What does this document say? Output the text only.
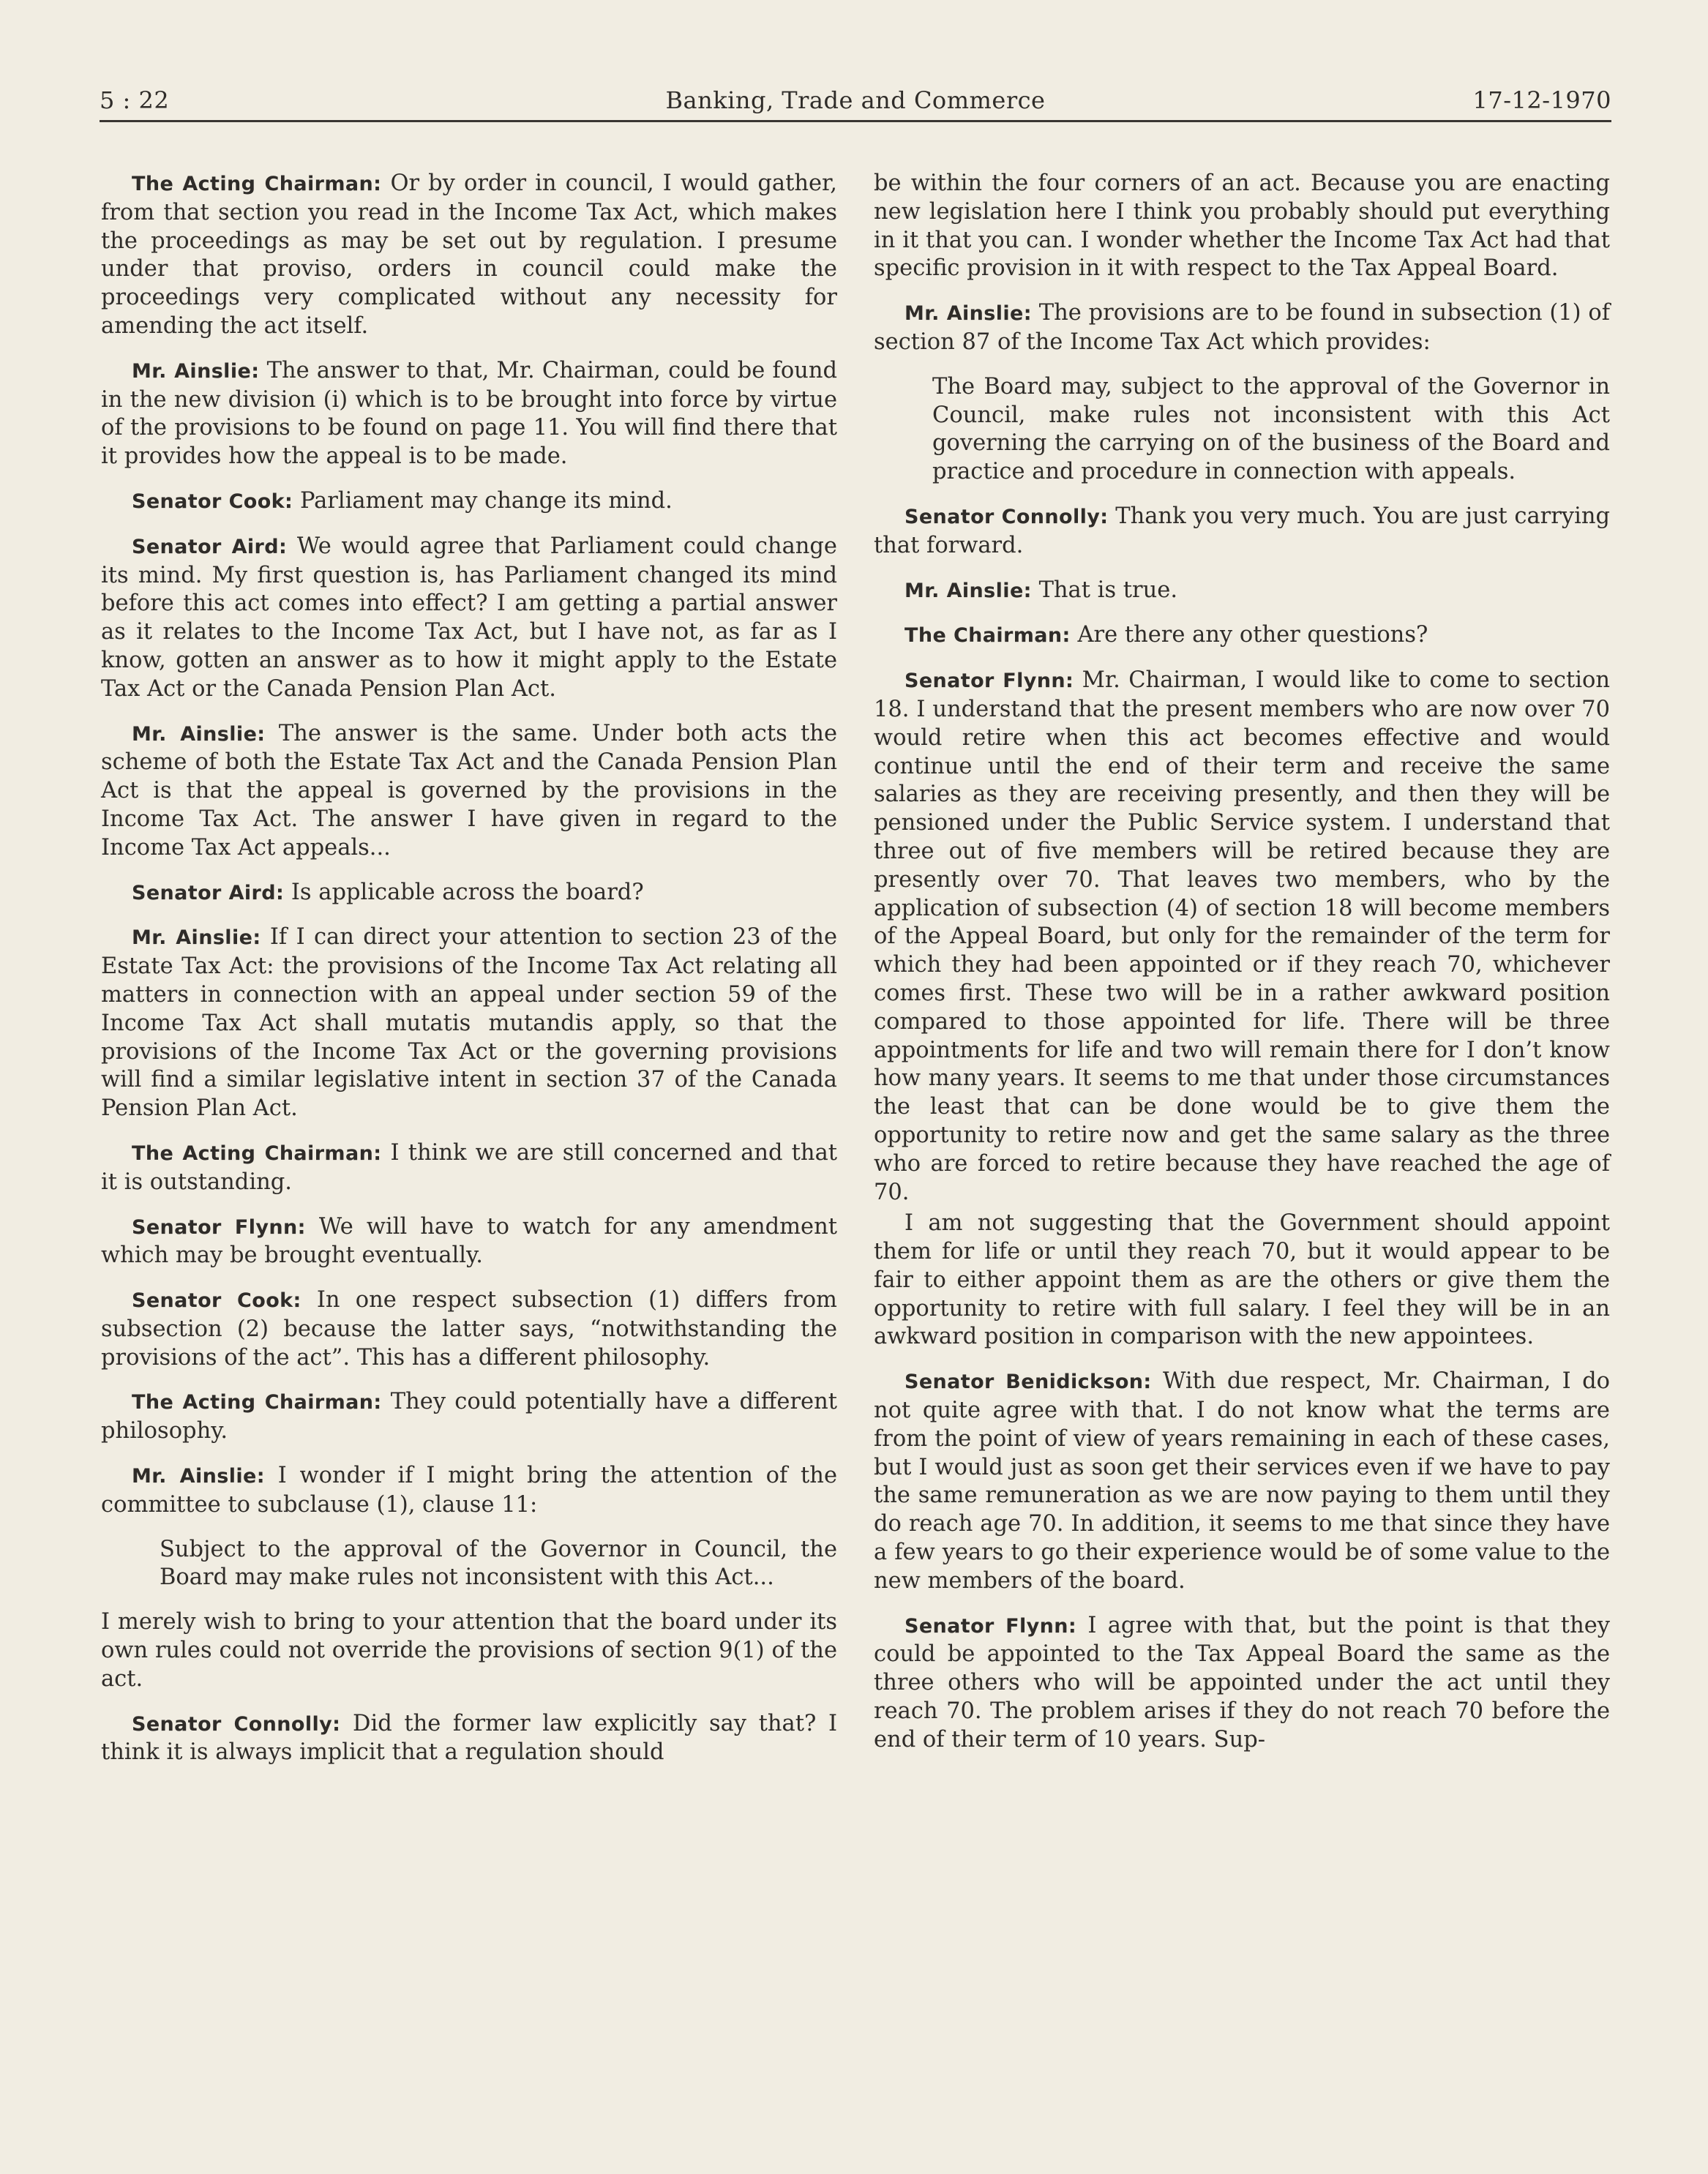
5 : 22	Banking, Trade and Commerce	17-12-1970

The Acting Chairman: Or by order in council, I would gather, from that section you read in the Income Tax Act, which makes the proceedings as may be set out by regulation. I presume under that proviso, orders in council could make the proceedings very complicated without any necessity for amending the act itself.

Mr. Ainslie: The answer to that, Mr. Chairman, could be found in the new division (i) which is to be brought into force by virtue of the provisions to be found on page 11. You will find there that it provides how the appeal is to be made.

Senator Cook: Parliament may change its mind.

Senator Aird: We would agree that Parliament could change its mind. My first question is, has Parliament changed its mind before this act comes into effect? I am getting a partial answer as it relates to the Income Tax Act, but I have not, as far as I know, gotten an answer as to how it might apply to the Estate Tax Act or the Canada Pension Plan Act.

Mr. Ainslie: The answer is the same. Under both acts the scheme of both the Estate Tax Act and the Canada Pension Plan Act is that the appeal is governed by the provisions in the Income Tax Act. The answer I have given in regard to the Income Tax Act appeals...

Senator Aird: Is applicable across the board?

Mr. Ainslie: If I can direct your attention to section 23 of the Estate Tax Act: the provisions of the Income Tax Act relating all matters in connection with an appeal under section 59 of the Income Tax Act shall mutatis mutandis apply, so that the provisions of the Income Tax Act or the governing provisions will find a similar legislative intent in section 37 of the Canada Pension Plan Act.

The Acting Chairman: I think we are still concerned and that it is outstanding.

Senator Flynn: We will have to watch for any amendment which may be brought eventually.

Senator Cook: In one respect subsection (1) differs from subsection (2) because the latter says, “notwithstanding the provisions of the act”. This has a different philosophy.

The Acting Chairman: They could potentially have a different philosophy.

Mr. Ainslie: I wonder if I might bring the attention of the committee to subclause (1), clause 11:

Subject to the approval of the Governor in Council, the Board may make rules not inconsistent with this Act...

I merely wish to bring to your attention that the board under its own rules could not override the provisions of section 9(1) of the act.

Senator Connolly: Did the former law explicitly say that? I think it is always implicit that a regulation should

be within the four corners of an act. Because you are enacting new legislation here I think you probably should put everything in it that you can. I wonder whether the Income Tax Act had that specific provision in it with respect to the Tax Appeal Board.

Mr. Ainslie: The provisions are to be found in subsection (1) of section 87 of the Income Tax Act which provides:

The Board may, subject to the approval of the Governor in Council, make rules not inconsistent with this Act governing the carrying on of the business of the Board and practice and procedure in connection with appeals.

Senator Connolly: Thank you very much. You are just carrying that forward.

Mr. Ainslie: That is true.

The Chairman: Are there any other questions?

Senator Flynn: Mr. Chairman, I would like to come to section 18. I understand that the present members who are now over 70 would retire when this act becomes effective and would continue until the end of their term and receive the same salaries as they are receiving presently, and then they will be pensioned under the Public Service system. I understand that three out of five members will be retired because they are presently over 70. That leaves two members, who by the application of subsection (4) of section 18 will become members of the Appeal Board, but only for the remainder of the term for which they had been appointed or if they reach 70, whichever comes first. These two will be in a rather awkward position compared to those appointed for life. There will be three appointments for life and two will remain there for I don’t know how many years. It seems to me that under those circumstances the least that can be done would be to give them the opportunity to retire now and get the same salary as the three who are forced to retire because they have reached the age of 70.

I am not suggesting that the Government should appoint them for life or until they reach 70, but it would appear to be fair to either appoint them as are the others or give them the opportunity to retire with full salary. I feel they will be in an awkward position in comparison with the new appointees.

Senator Benidickson: With due respect, Mr. Chairman, I do not quite agree with that. I do not know what the terms are from the point of view of years remaining in each of these cases, but I would just as soon get their services even if we have to pay the same remuneration as we are now paying to them until they do reach age 70. In addition, it seems to me that since they have a few years to go their experience would be of some value to the new members of the board.

Senator Flynn: I agree with that, but the point is that they could be appointed to the Tax Appeal Board the same as the three others who will be appointed under the act until they reach 70. The problem arises if they do not reach 70 before the end of their term of 10 years. Sup-
